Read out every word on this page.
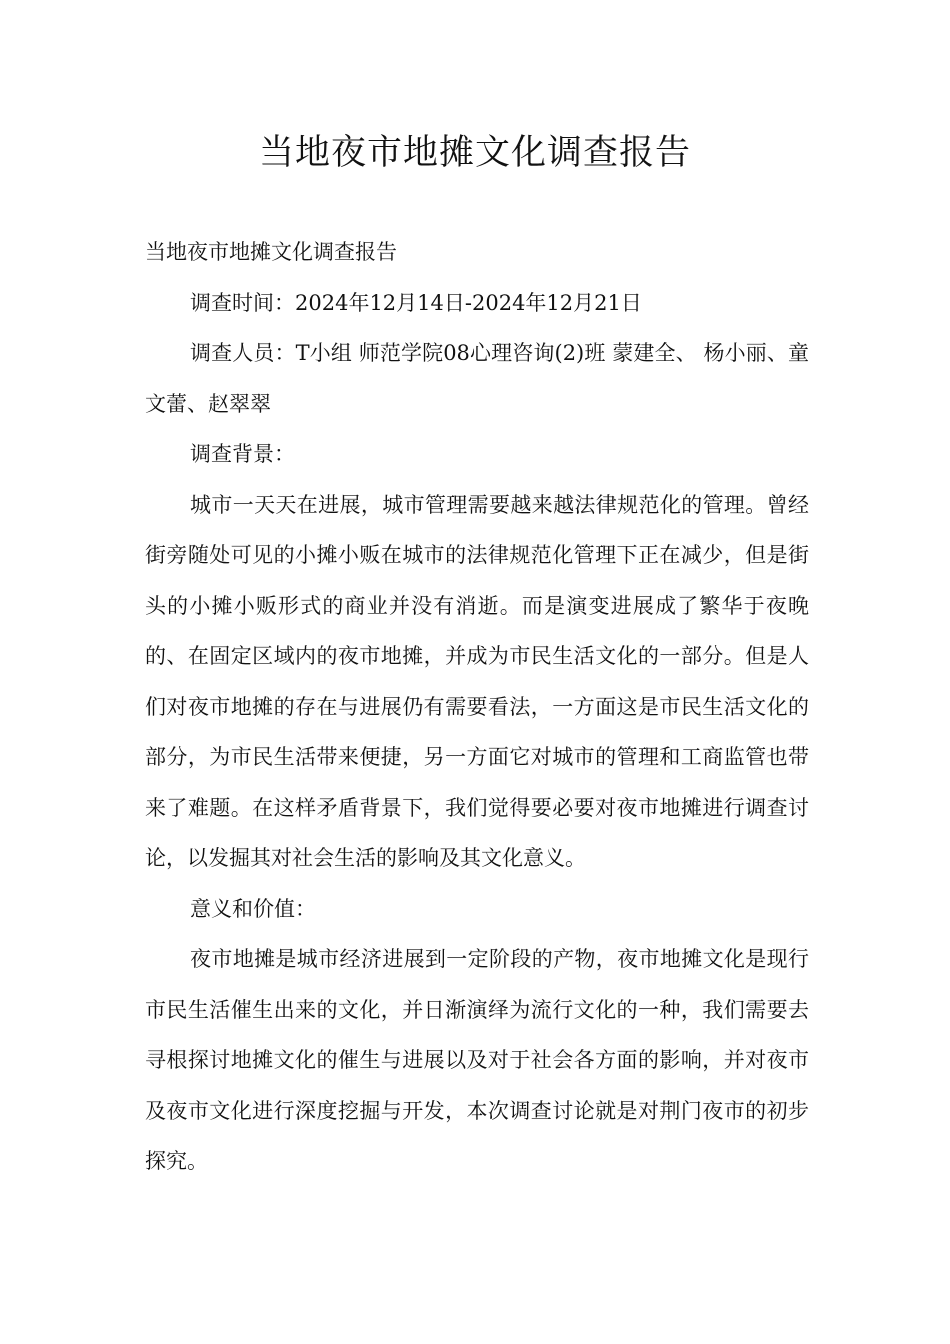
当地夜市地摊文化调查报告

当地夜市地摊文化调查报告

调查时间：2024年12月14日-2024年12月21日

调查人员：T小组 师范学院08心理咨询(2)班 蒙建全、 杨小丽、童文蕾、赵翠翠

调查背景：

城市一天天在进展，城市管理需要越来越法律规范化的管理。曾经街旁随处可见的小摊小贩在城市的法律规范化管理下正在减少，但是街头的小摊小贩形式的商业并没有消逝。而是演变进展成了繁华于夜晚的、在固定区域内的夜市地摊，并成为市民生活文化的一部分。但是人 们对夜市地摊的存在与进展仍有需要看法，一方面这是市民生活文化的部分，为市民生活带来便捷，另一方面它对城市的管理和工商监管也带来了难题。在这样矛盾背景下，我们觉得要必要对夜市地摊进行调查讨论，以发掘其对社会生活的影响及其文化意义。

意义和价值：

夜市地摊是城市经济进展到一定阶段的产物，夜市地摊文化是现行市民生活催生出来的文化，并日渐演绎为流行文化的一种，我们需要去寻根探讨地摊文化的催生与进展以及对于社会各方面的影响，并对夜市及夜市文化进行深度挖掘与开发，本次调查讨论就是对荆门夜市的初步探究。
